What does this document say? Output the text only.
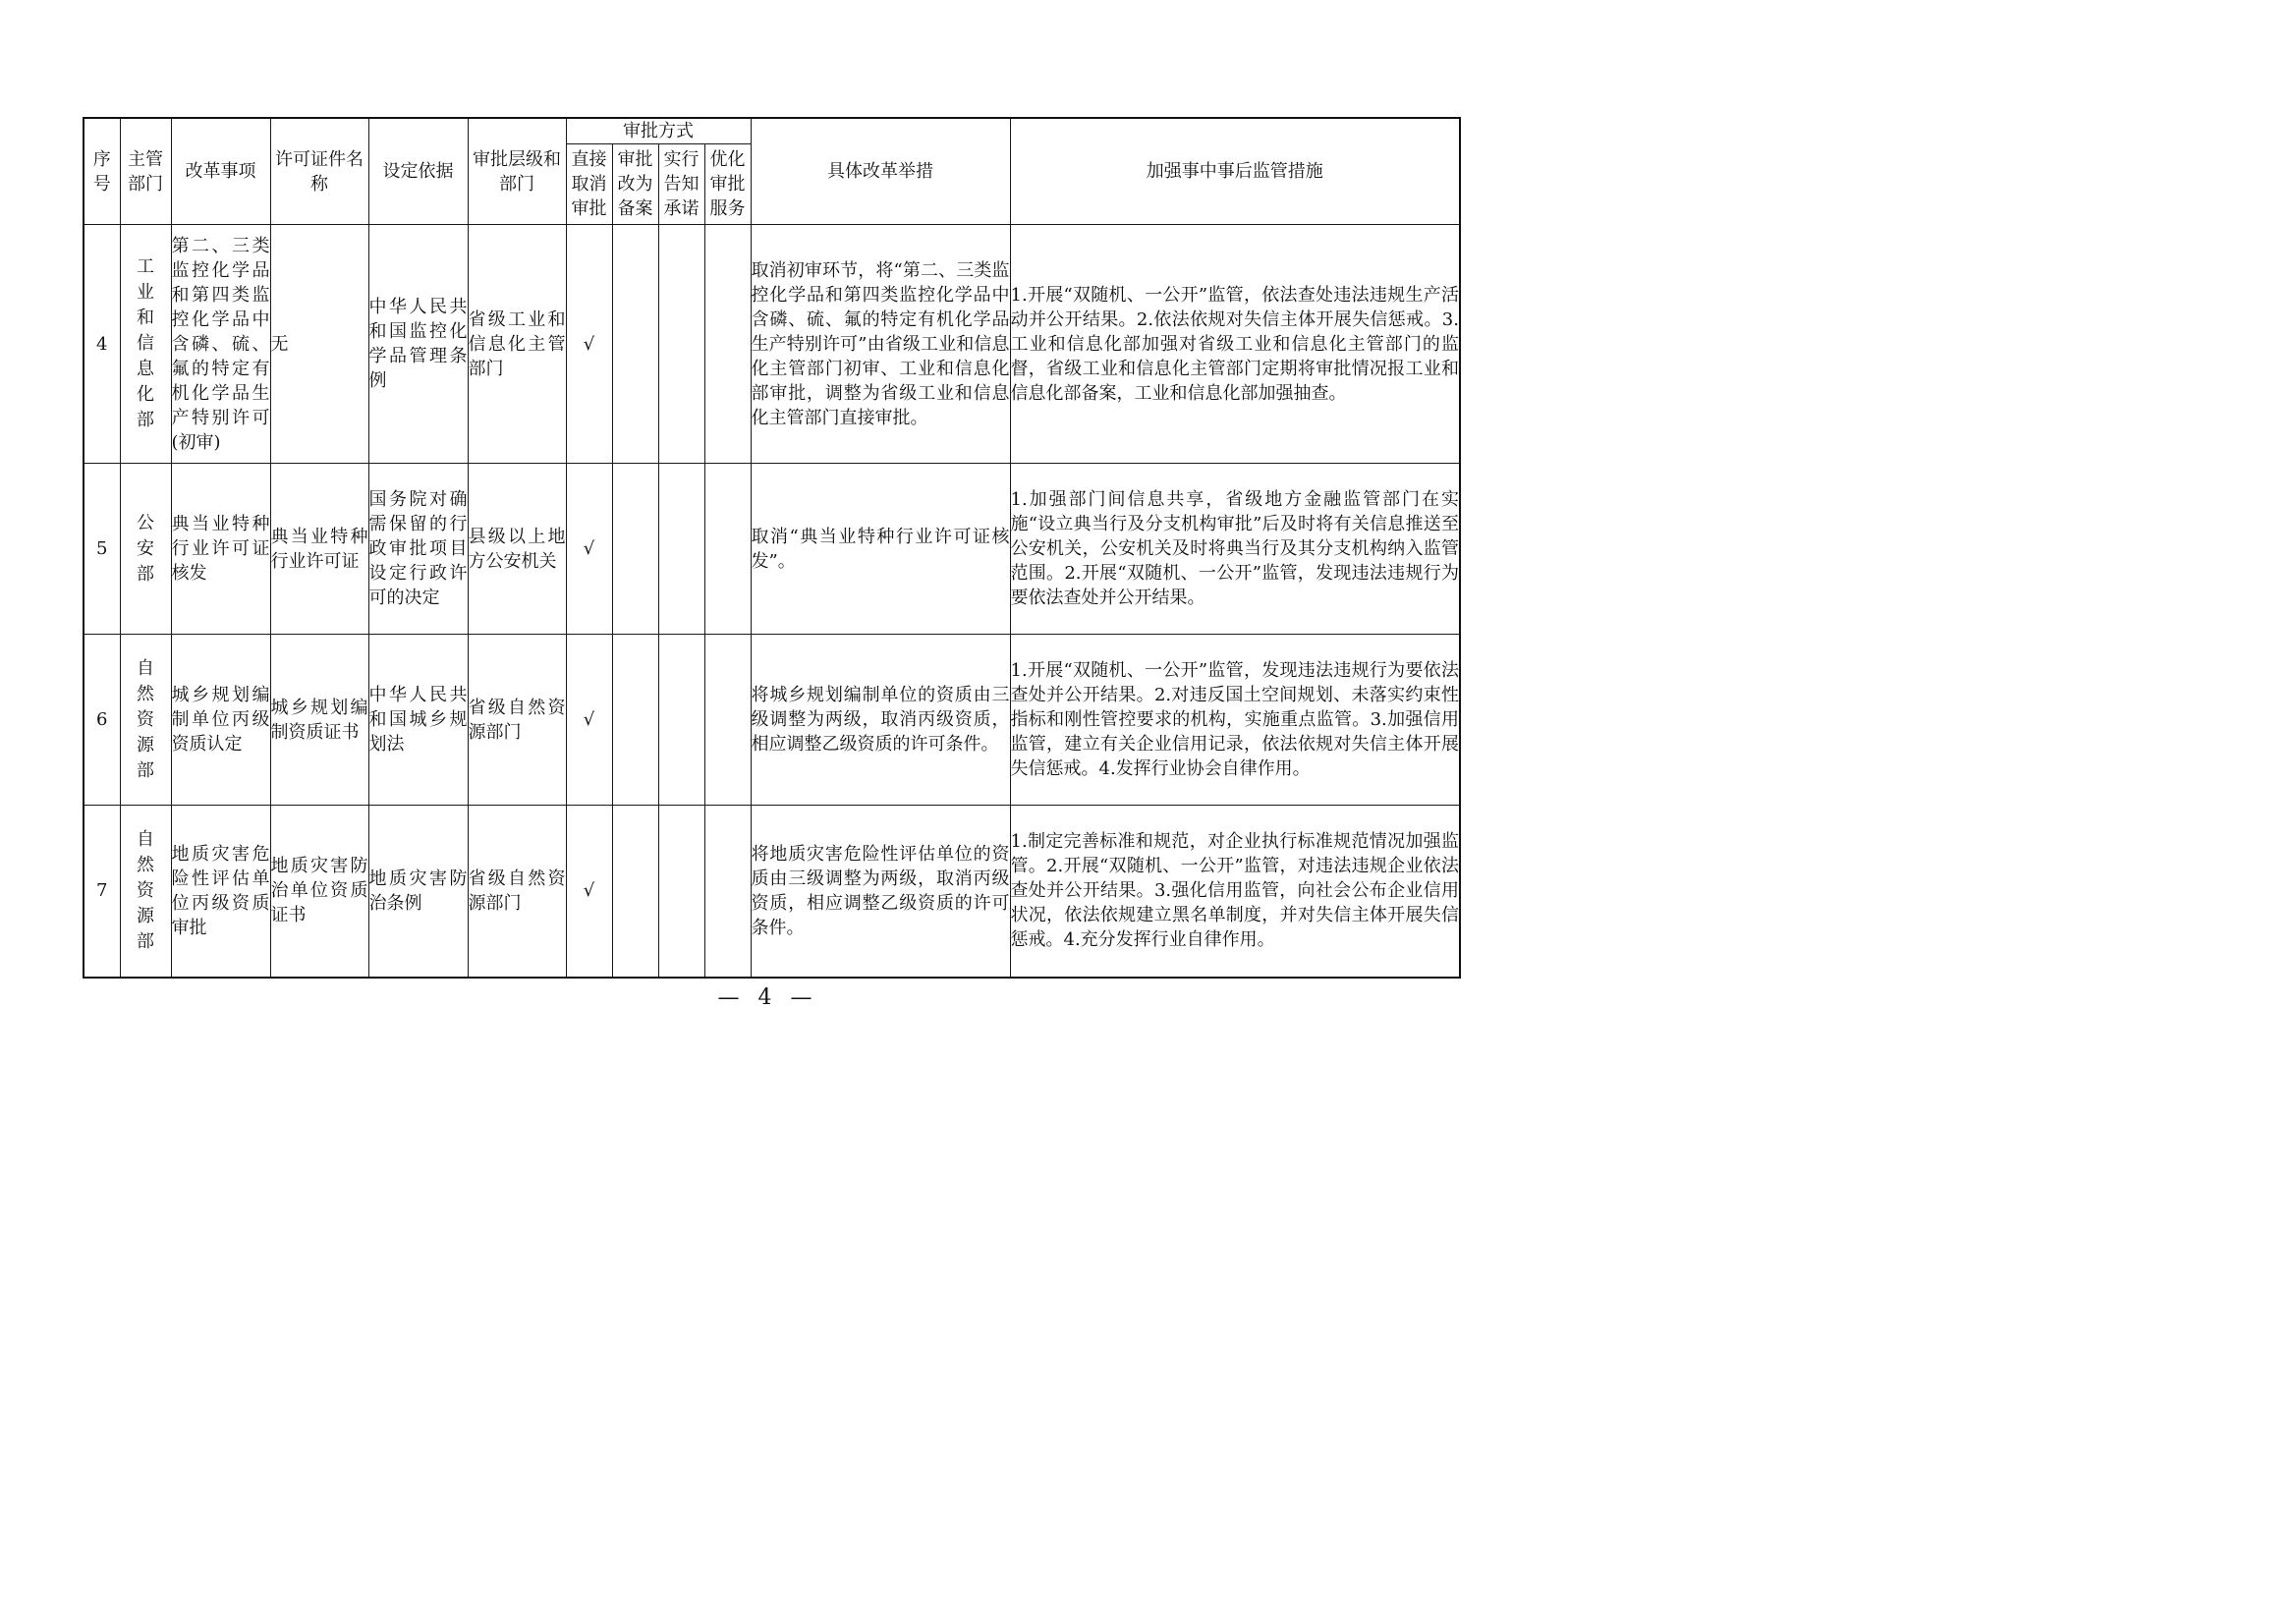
序号	主管部门	改革事项	许可证件名称	设定依据	审批层级和部门	审批方式				具体改革举措	加强事中事后监管措施
						直接取消审批	审批改为备案	实行告知承诺	优化审批服务		
4	工业和信息化部	第二、三类监控化学品和第四类监控化学品中含磷、硫、氟的特定有机化学品生产特别许可(初审)	无	中华人民共和国监控化学品管理条例	省级工业和信息化主管部门	√				取消初审环节，将“第二、三类监控化学品和第四类监控化学品中含磷、硫、氟的特定有机化学品生产特别许可”由省级工业和信息化主管部门初审、工业和信息化部审批，调整为省级工业和信息化主管部门直接审批。	1.开展“双随机、一公开”监管，依法查处违法违规生产活动并公开结果。2.依法依规对失信主体开展失信惩戒。3.工业和信息化部加强对省级工业和信息化主管部门的监督，省级工业和信息化主管部门定期将审批情况报工业和信息化部备案，工业和信息化部加强抽查。
5	公安部	典当业特种行业许可证核发	典当业特种行业许可证	国务院对确需保留的行政审批项目设定行政许可的决定	县级以上地方公安机关	√				取消“典当业特种行业许可证核发”。	1.加强部门间信息共享，省级地方金融监管部门在实施“设立典当行及分支机构审批”后及时将有关信息推送至公安机关，公安机关及时将典当行及其分支机构纳入监管范围。2.开展“双随机、一公开”监管，发现违法违规行为要依法查处并公开结果。
6	自然资源部	城乡规划编制单位丙级资质认定	城乡规划编制资质证书	中华人民共和国城乡规划法	省级自然资源部门	√				将城乡规划编制单位的资质由三级调整为两级，取消丙级资质，相应调整乙级资质的许可条件。	1.开展“双随机、一公开”监管，发现违法违规行为要依法查处并公开结果。2.对违反国土空间规划、未落实约束性指标和刚性管控要求的机构，实施重点监管。3.加强信用监管，建立有关企业信用记录，依法依规对失信主体开展失信惩戒。4.发挥行业协会自律作用。
7	自然资源部	地质灾害危险性评估单位丙级资质审批	地质灾害防治单位资质证书	地质灾害防治条例	省级自然资源部门	√				将地质灾害危险性评估单位的资质由三级调整为两级，取消丙级资质，相应调整乙级资质的许可条件。	1.制定完善标准和规范，对企业执行标准规范情况加强监管。2.开展“双随机、一公开”监管，对违法违规企业依法查处并公开结果。3.强化信用监管，向社会公布企业信用状况，依法依规建立黑名单制度，并对失信主体开展失信惩戒。4.充分发挥行业自律作用。
— 4 —
